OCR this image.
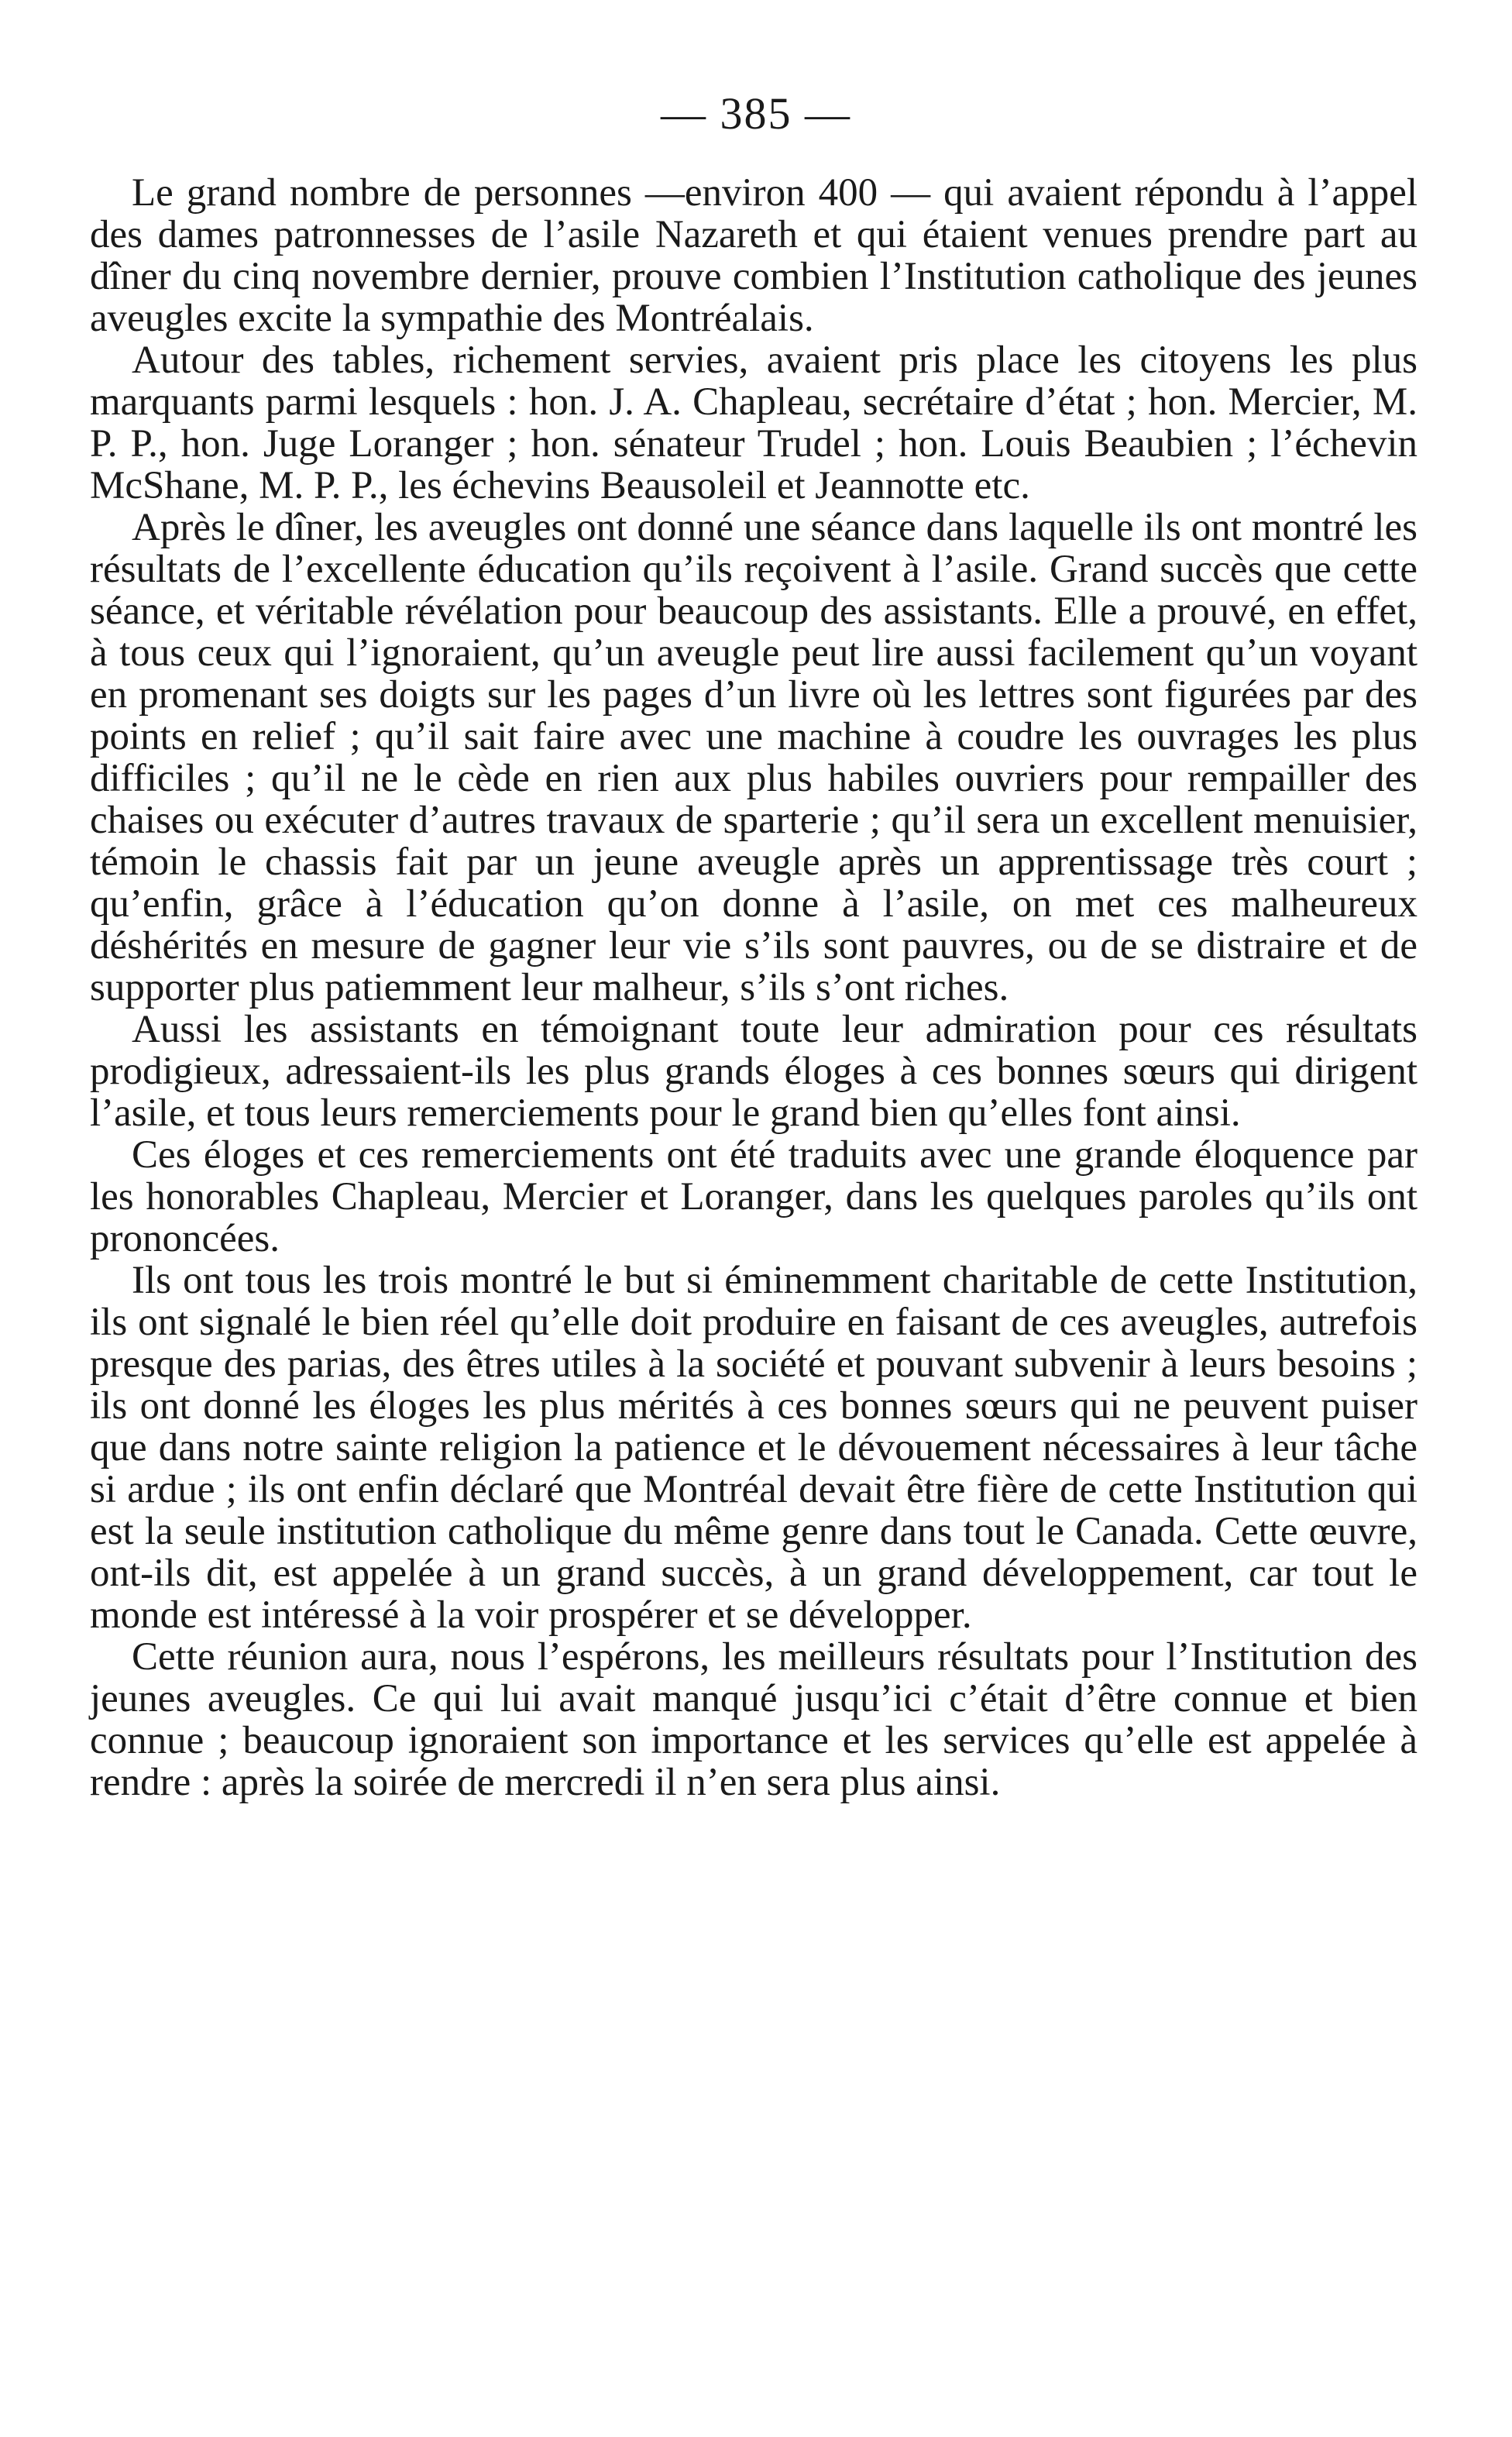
— 385 —

Le grand nombre de personnes —environ 400 — qui avaient répondu à l’appel des dames patronnesses de l’asile Nazareth et qui étaient venues prendre part au dîner du cinq novembre dernier, prouve combien l’Institution catholique des jeunes aveugles excite la sympathie des Montréalais.

Autour des tables, richement servies, avaient pris place les citoyens les plus marquants parmi lesquels : hon. J. A. Chapleau, secrétaire d’état ; hon. Mercier, M. P. P., hon. Juge Loranger ; hon. sénateur Trudel ; hon. Louis Beaubien ; l’échevin McShane, M. P. P., les échevins Beausoleil et Jeannotte etc.

Après le dîner, les aveugles ont donné une séance dans laquelle ils ont montré les résultats de l’excellente éducation qu’ils reçoivent à l’asile. Grand succès que cette séance, et véritable révélation pour beaucoup des assistants. Elle a prouvé, en effet, à tous ceux qui l’ignoraient, qu’un aveugle peut lire aussi facilement qu’un voyant en promenant ses doigts sur les pages d’un livre où les lettres sont figurées par des points en relief ; qu’il sait faire avec une machine à coudre les ouvrages les plus difficiles ; qu’il ne le cède en rien aux plus habiles ouvriers pour rempailler des chaises ou exécuter d’autres travaux de sparterie ; qu’il sera un excellent menuisier, témoin le chassis fait par un jeune aveugle après un apprentissage très court ; qu’enfin, grâce à l’éducation qu’on donne à l’asile, on met ces malheureux déshérités en mesure de gagner leur vie s’ils sont pauvres, ou de se distraire et de supporter plus patiemment leur malheur, s’ils s’ont riches.

Aussi les assistants en témoignant toute leur admiration pour ces résultats prodigieux, adressaient-ils les plus grands éloges à ces bonnes sœurs qui dirigent l’asile, et tous leurs remerciements pour le grand bien qu’elles font ainsi.

Ces éloges et ces remerciements ont été traduits avec une grande éloquence par les honorables Chapleau, Mercier et Loranger, dans les quelques paroles qu’ils ont prononcées.

Ils ont tous les trois montré le but si éminemment charitable de cette Institution, ils ont signalé le bien réel qu’elle doit produire en faisant de ces aveugles, autrefois presque des parias, des êtres utiles à la société et pouvant subvenir à leurs besoins ; ils ont donné les éloges les plus mérités à ces bonnes sœurs qui ne peuvent puiser que dans notre sainte religion la patience et le dévouement nécessaires à leur tâche si ardue ; ils ont enfin déclaré que Montréal devait être fière de cette Institution qui est la seule institution catholique du même genre dans tout le Canada. Cette œuvre, ont-ils dit, est appelée à un grand succès, à un grand développement, car tout le monde est intéressé à la voir prospérer et se développer.

Cette réunion aura, nous l’espérons, les meilleurs résultats pour l’Institution des jeunes aveugles. Ce qui lui avait manqué jusqu’ici c’était d’être connue et bien connue ; beaucoup ignoraient son importance et les services qu’elle est appelée à rendre : après la soirée de mercredi il n’en sera plus ainsi.
